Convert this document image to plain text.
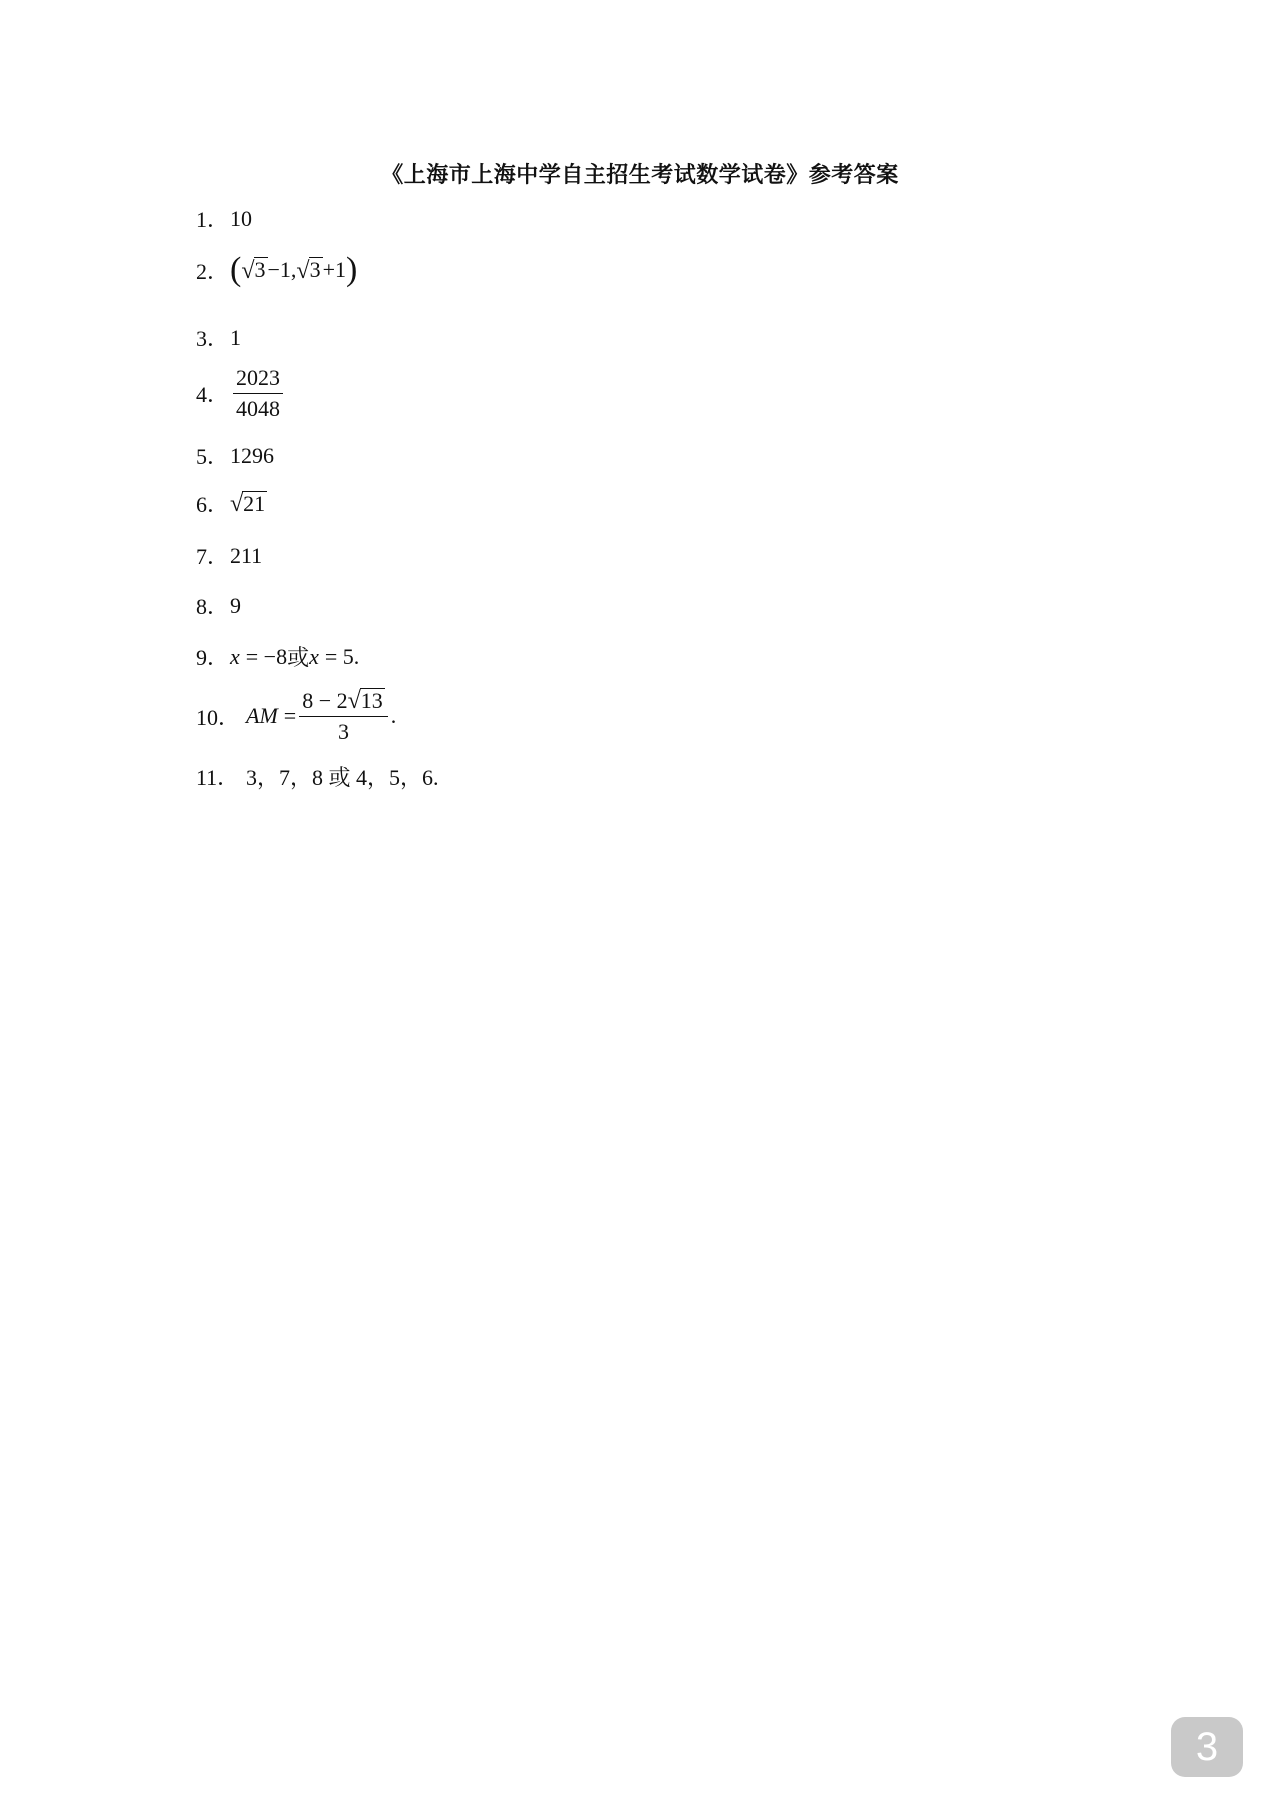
《上海市上海中学自主招生考试数学试卷》参考答案
1． 10
2． ( √ 3 −1, √ 3 +1 )
3． 1
4． $\frac{2023}{4048}$
5． 1296
6． √ 21
7． 211
8． 9
9． x = −8 或 x = 5 .
10． AM = $\frac{8 - 2 √ 13}{3}$ .
11． 3，7，8 或 4，5，6.
3
